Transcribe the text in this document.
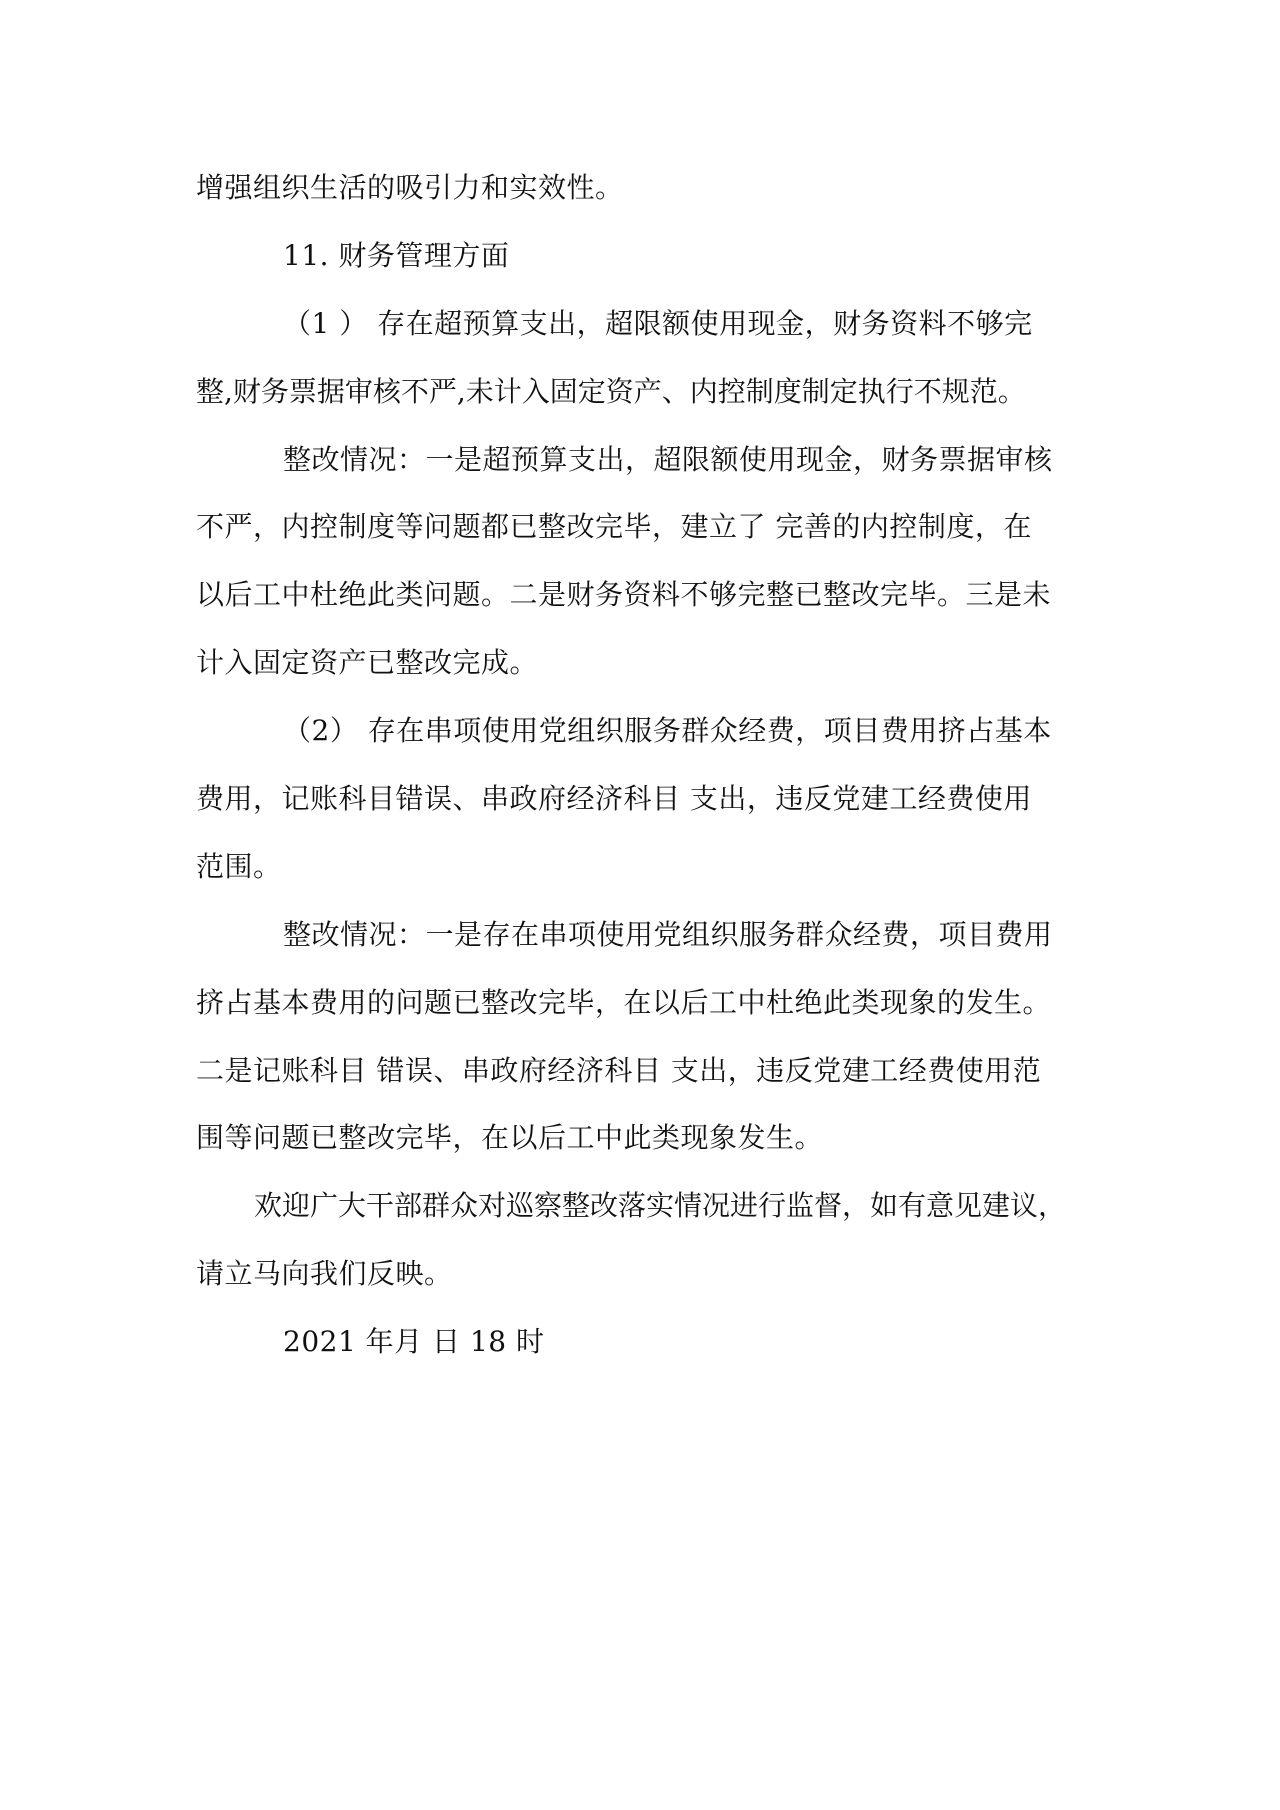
增强组织生活的吸引力和实效性。

11. 财务管理方面

（1 ） 存在超预算支出，超限额使用现金，财务资料不够完

整,财务票据审核不严,未计入固定资产、内控制度制定执行不规范。

整改情况：一是超预算支出，超限额使用现金，财务票据审核

不严，内控制度等问题都已整改完毕，建立了 完善的内控制度，在

以后工中杜绝此类问题。二是财务资料不够完整已整改完毕。三是未

计入固定资产已整改完成。

（2） 存在串项使用党组织服务群众经费，项目费用挤占基本

费用，记账科目错误、串政府经济科目 支出，违反党建工经费使用

范围。

整改情况：一是存在串项使用党组织服务群众经费，项目费用

挤占基本费用的问题已整改完毕，在以后工中杜绝此类现象的发生。

二是记账科目 错误、串政府经济科目 支出，违反党建工经费使用范

围等问题已整改完毕，在以后工中此类现象发生。

欢迎广大干部群众对巡察整改落实情况进行监督，如有意见建议，

请立马向我们反映。

2021 年月 日 18 时
